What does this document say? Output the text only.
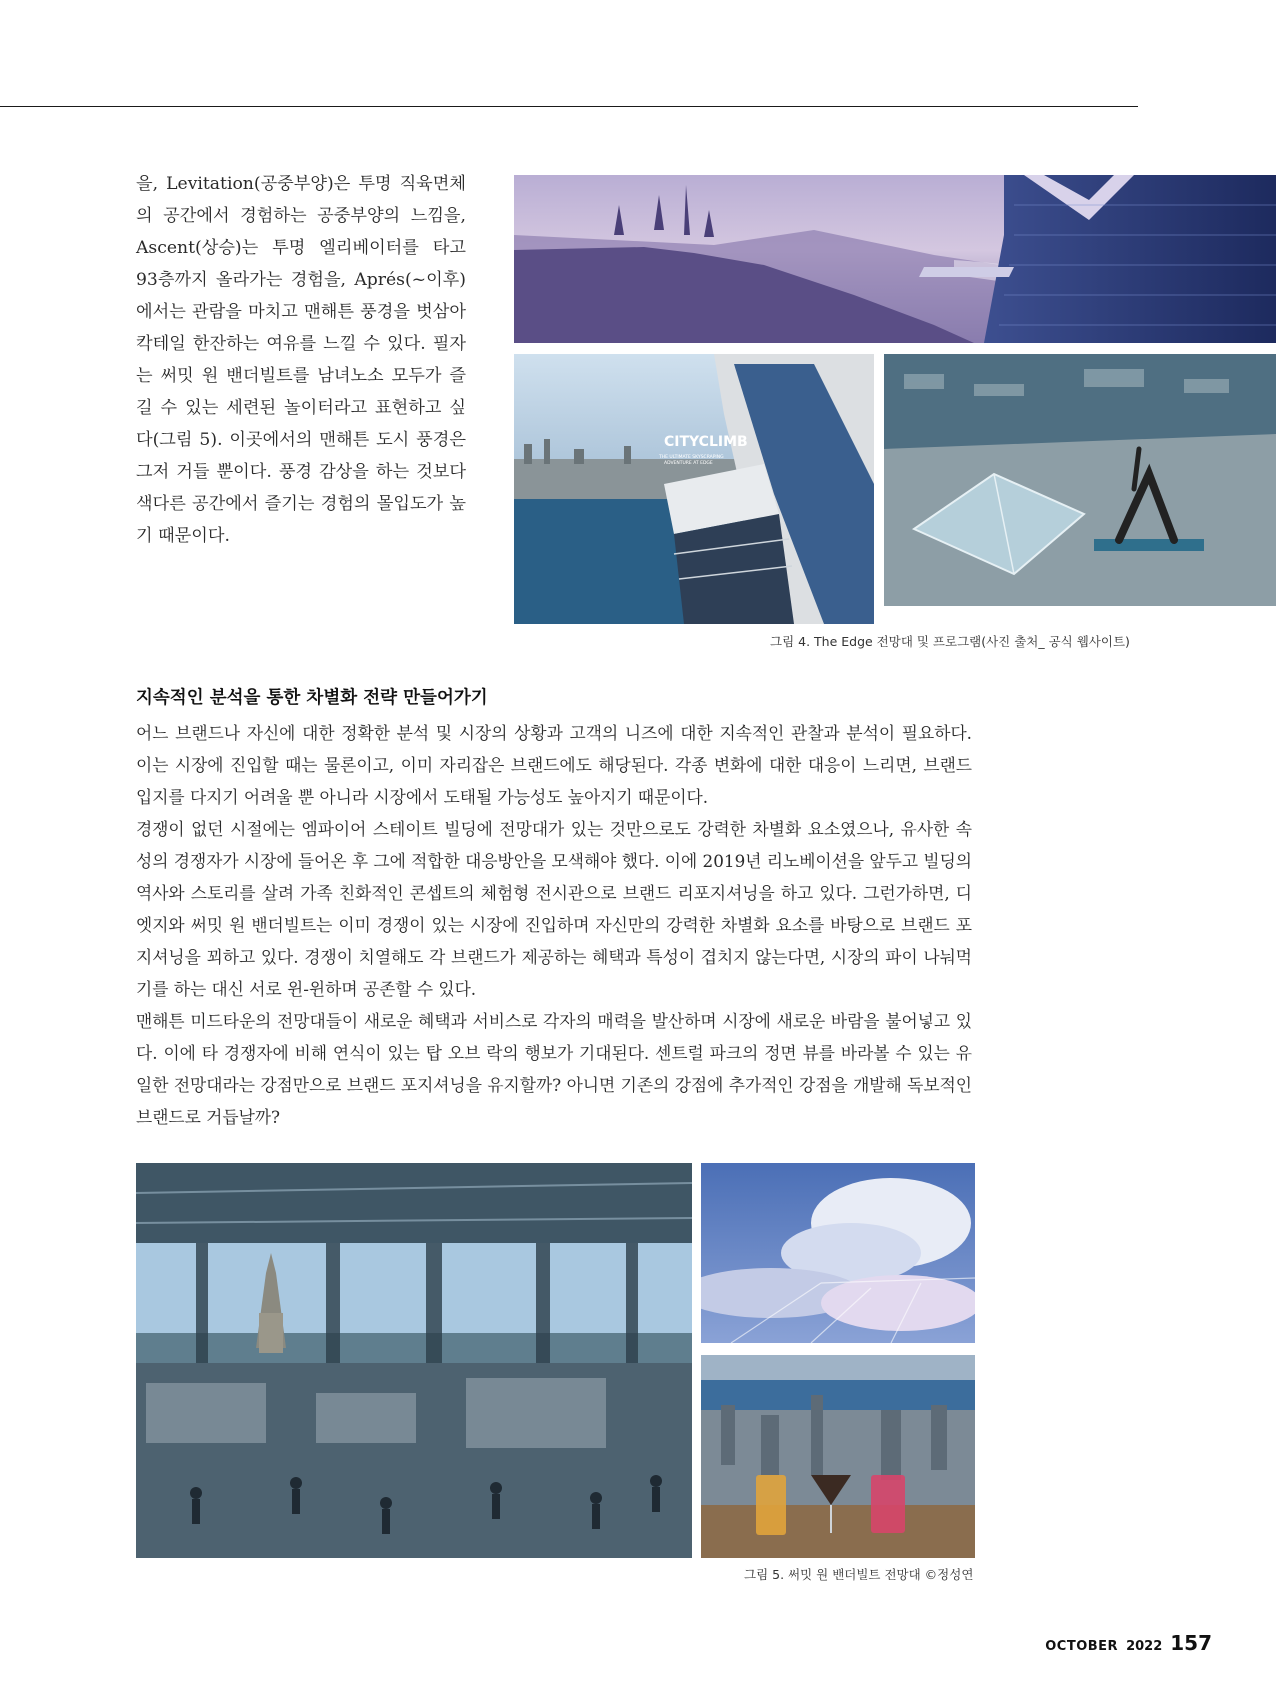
을, Levitation(공중부양)은 투명 직육면체의 공간에서 경험하는 공중부양의 느낌을, Ascent(상승)는 투명 엘리베이터를 타고 93층까지 올라가는 경험을, Aprés(~이후)에서는 관람을 마치고 맨해튼 풍경을 벗삼아 칵테일 한잔하는 여유를 느낄 수 있다. 필자는 써밋 원 밴더빌트를 남녀노소 모두가 즐길 수 있는 세련된 놀이터라고 표현하고 싶다(그림 5). 이곳에서의 맨해튼 도시 풍경은 그저 거들 뿐이다. 풍경 감상을 하는 것보다 색다른 공간에서 즐기는 경험의 몰입도가 높기 때문이다.
CITYCLIMB
THE ULTIMATE SKYSCRAPING
ADVENTURE AT EDGE
그림 4. The Edge 전망대 및 프로그램(사진 출처_ 공식 웹사이트)
지속적인 분석을 통한 차별화 전략 만들어가기

어느 브랜드나 자신에 대한 정확한 분석 및 시장의 상황과 고객의 니즈에 대한 지속적인 관찰과 분석이 필요하다. 이는 시장에 진입할 때는 물론이고, 이미 자리잡은 브랜드에도 해당된다. 각종 변화에 대한 대응이 느리면, 브랜드 입지를 다지기 어려울 뿐 아니라 시장에서 도태될 가능성도 높아지기 때문이다.

경쟁이 없던 시절에는 엠파이어 스테이트 빌딩에 전망대가 있는 것만으로도 강력한 차별화 요소였으나, 유사한 속성의 경쟁자가 시장에 들어온 후 그에 적합한 대응방안을 모색해야 했다. 이에 2019년 리노베이션을 앞두고 빌딩의 역사와 스토리를 살려 가족 친화적인 콘셉트의 체험형 전시관으로 브랜드 리포지셔닝을 하고 있다. 그런가하면, 디 엣지와 써밋 원 밴더빌트는 이미 경쟁이 있는 시장에 진입하며 자신만의 강력한 차별화 요소를 바탕으로 브랜드 포지셔닝을 꾀하고 있다. 경쟁이 치열해도 각 브랜드가 제공하는 혜택과 특성이 겹치지 않는다면, 시장의 파이 나눠먹기를 하는 대신 서로 윈-윈하며 공존할 수 있다.

맨해튼 미드타운의 전망대들이 새로운 혜택과 서비스로 각자의 매력을 발산하며 시장에 새로운 바람을 불어넣고 있다. 이에 타 경쟁자에 비해 연식이 있는 탑 오브 락의 행보가 기대된다. 센트럴 파크의 정면 뷰를 바라볼 수 있는 유일한 전망대라는 강점만으로 브랜드 포지셔닝을 유지할까? 아니면 기존의 강점에 추가적인 강점을 개발해 독보적인 브랜드로 거듭날까?

그림 5. 써밋 원 밴더빌트 전망대 ©정성연
OCTOBER 2022 157
